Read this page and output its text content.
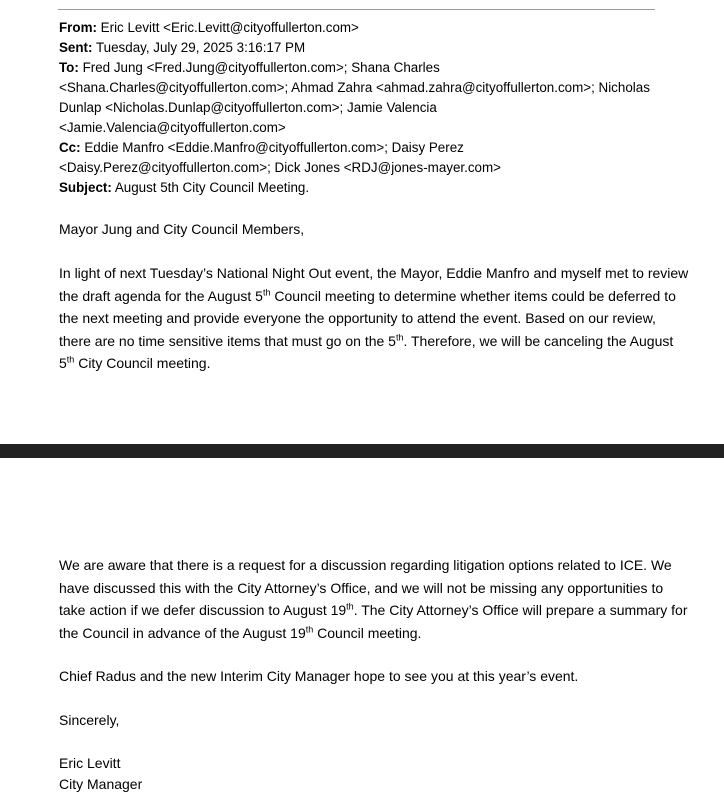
From: Eric Levitt <Eric.Levitt@cityoffullerton.com>
Sent: Tuesday, July 29, 2025 3:16:17 PM
To: Fred Jung <Fred.Jung@cityoffullerton.com>; Shana Charles
<Shana.Charles@cityoffullerton.com>; Ahmad Zahra <ahmad.zahra@cityoffullerton.com>; Nicholas
Dunlap <Nicholas.Dunlap@cityoffullerton.com>; Jamie Valencia
<Jamie.Valencia@cityoffullerton.com>
Cc: Eddie Manfro <Eddie.Manfro@cityoffullerton.com>; Daisy Perez
<Daisy.Perez@cityoffullerton.com>; Dick Jones <RDJ@jones-mayer.com>
Subject: August 5th City Council Meeting.

Mayor Jung and City Council Members,

In light of next Tuesday’s National Night Out event, the Mayor, Eddie Manfro and myself met to review the draft agenda for the August 5th Council meeting to determine whether items could be deferred to the next meeting and provide everyone the opportunity to attend the event. Based on our review, there are no time sensitive items that must go on the 5th. Therefore, we will be canceling the August 5th City Council meeting.

We are aware that there is a request for a discussion regarding litigation options related to ICE. We have discussed this with the City Attorney’s Office, and we will not be missing any opportunities to take action if we defer discussion to August 19th. The City Attorney’s Office will prepare a summary for the Council in advance of the August 19th Council meeting.

Chief Radus and the new Interim City Manager hope to see you at this year’s event.

Sincerely,

Eric Levitt
City Manager
